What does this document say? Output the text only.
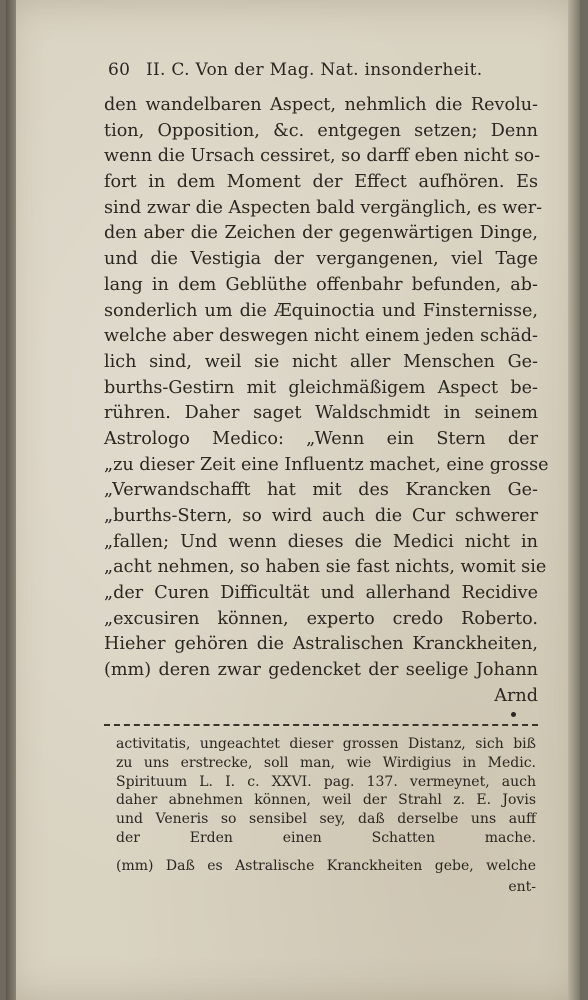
60 II. C. Von der Mag. Nat. insonderheit.
den wandelbaren Aspect, nehmlich die Revolu-
tion, Opposition, &c. entgegen setzen; Denn
wenn die Ursach cessiret, so darff eben nicht so-
fort in dem Moment der Effect aufhören. Es
sind zwar die Aspecten bald vergänglich, es wer-
den aber die Zeichen der gegenwärtigen Dinge,
und die Vestigia der vergangenen, viel Tage
lang in dem Geblüthe offenbahr befunden, ab-
sonderlich um die Æquinoctia und Finsternisse,
welche aber deswegen nicht einem jeden schäd-
lich sind, weil sie nicht aller Menschen Ge-
burths-Gestirn mit gleichmäßigem Aspect be-
rühren. Daher saget Waldschmidt in seinem
Astrologo Medico: „Wenn ein Stern der
„zu dieser Zeit eine Influentz machet, eine grosse
„Verwandschafft hat mit des Krancken Ge-
„burths-Stern, so wird auch die Cur schwerer
„fallen; Und wenn dieses die Medici nicht in
„acht nehmen, so haben sie fast nichts, womit sie
„der Curen Difficultät und allerhand Recidive
„excusiren können, experto credo Roberto.
Hieher gehören die Astralischen Kranckheiten,
(mm) deren zwar gedencket der seelige Johann
Arnd
activitatis, ungeachtet dieser grossen Distanz, sich biß
zu uns erstrecke, soll man, wie Wirdigius in Medic.
Spirituum L. I. c. XXVI. pag. 137. vermeynet, auch
daher abnehmen können, weil der Strahl z. E. Jovis
und Veneris so sensibel sey, daß derselbe uns auff
der Erden einen Schatten mache.
(mm) Daß es Astralische Kranckheiten gebe, welche
ent-
